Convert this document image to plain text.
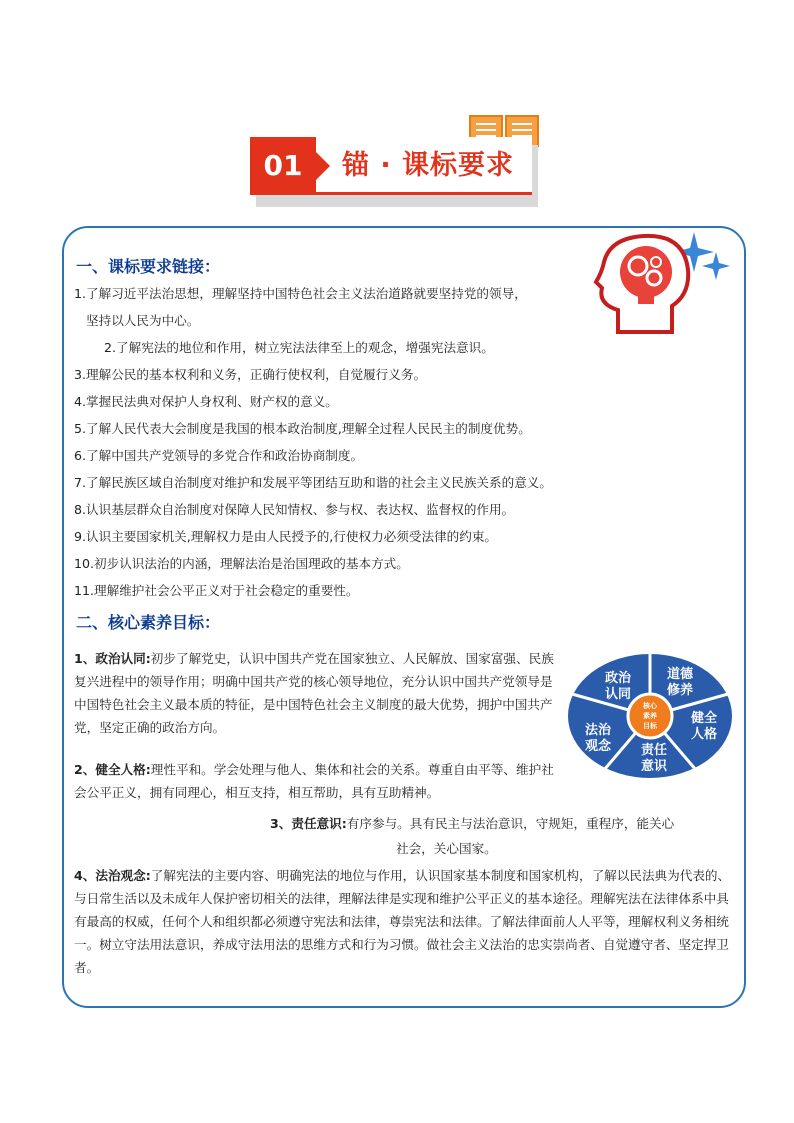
01	锚 · 课标要求
一、课标要求链接：
1.了解习近平法治思想，理解坚持中国特色社会主义法治道路就要坚持党的领导，
坚持以人民为中心。
2.了解宪法的地位和作用，树立宪法法律至上的观念，增强宪法意识。
3.理解公民的基本权利和义务，正确行使权利，自觉履行义务。
4.掌握民法典对保护人身权利、财产权的意义。
5.了解人民代表大会制度是我国的根本政治制度,理解全过程人民民主的制度优势。
6.了解中国共产党领导的多党合作和政治协商制度。
7.了解民族区域自治制度对维护和发展平等团结互助和谐的社会主义民族关系的意义。
8.认识基层群众自治制度对保障人民知情权、参与权、表达权、监督权的作用。
9.认识主要国家机关,理解权力是由人民授予的,行使权力必须受法律的约束。
10.初步认识法治的内涵，理解法治是治国理政的基本方式。
11.理解维护社会公平正义对于社会稳定的重要性。
二、核心素养目标：
1、政治认同:初步了解党史，认识中国共产党在国家独立、人民解放、国家富强、民族复兴进程中的领导作用；明确中国共产党的核心领导地位，充分认识中国共产党领导是中国特色社会主义最本质的特征，是中国特色社会主义制度的最大优势，拥护中国共产党，坚定正确的政治方向。
2、健全人格:理性平和。学会处理与他人、集体和社会的关系。尊重自由平等、维护社会公平正义，拥有同理心，相互支持，相互帮助，具有互助精神。
3、责任意识:有序参与。具有民主与法治意识，守规矩，重程序，能关心
社会，关心国家。
4、法治观念:了解宪法的主要内容、明确宪法的地位与作用，认识国家基本制度和国家机构，了解以民法典为代表的、与日常生活以及未成年人保护密切相关的法律，理解法律是实现和维护公平正义的基本途径。理解宪法在法律体系中具有最高的权威，任何个人和组织都必须遵守宪法和法律，尊崇宪法和法律。了解法律面前人人平等，理解权利义务相统一。树立守法用法意识，养成守法用法的思维方式和行为习惯。做社会主义法治的忠实崇尚者、自觉遵守者、坚定捍卫者。
核心
素养
目标
政治
认同
道德
修养
健全
人格
责任
意识
法治
观念
